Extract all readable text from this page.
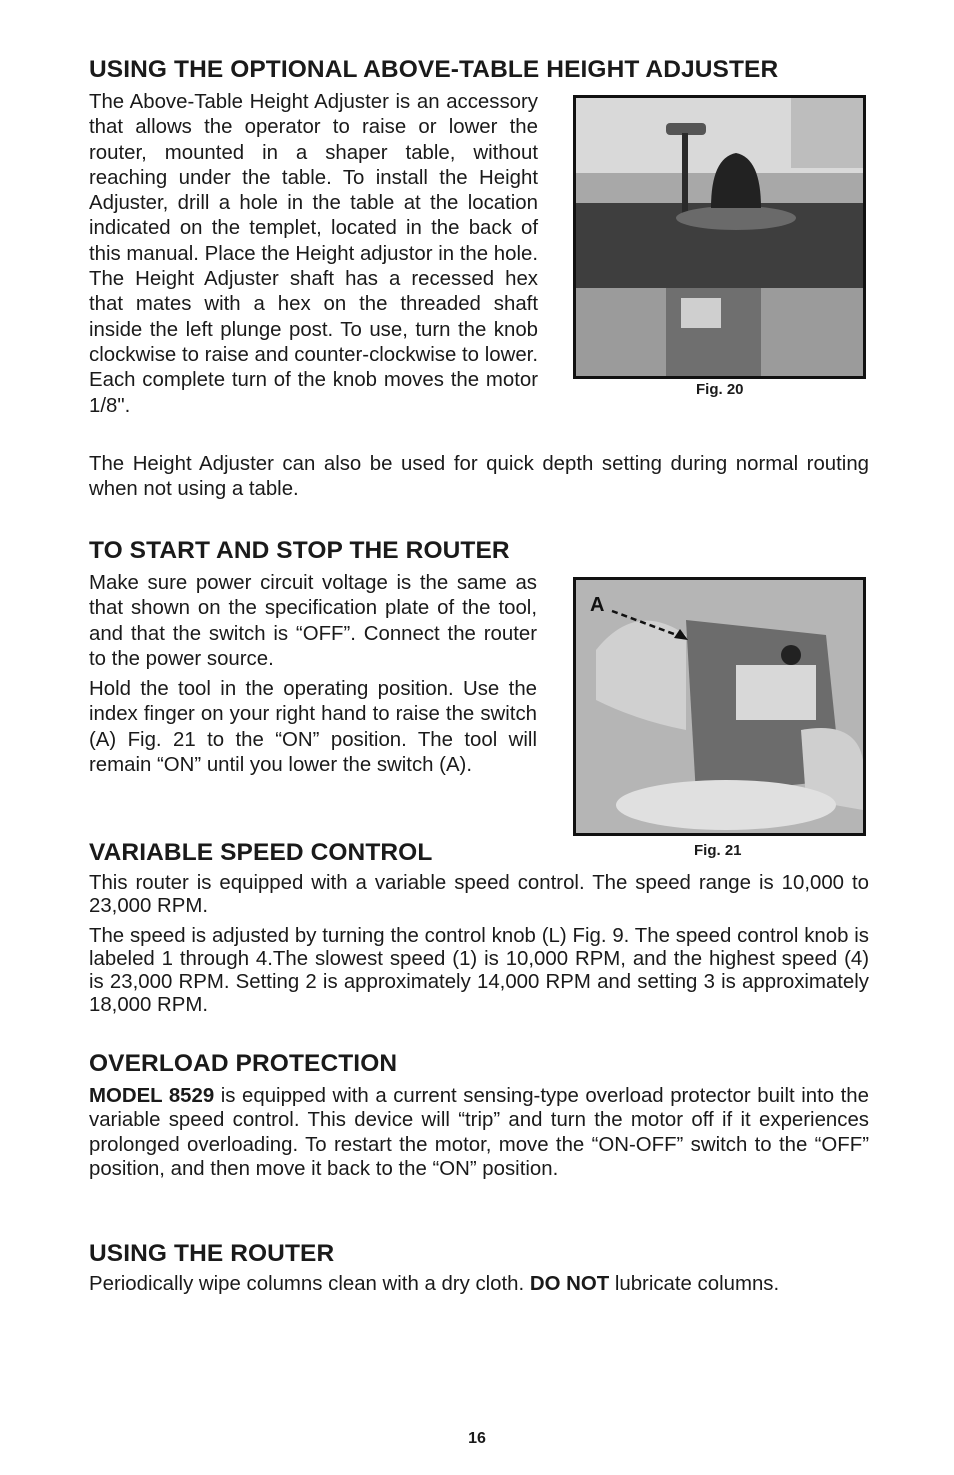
USING THE OPTIONAL ABOVE-TABLE HEIGHT ADJUSTER

The Above-Table Height Adjuster is an accessory that allows the operator to raise or lower the router, mounted in a shaper table, without reaching under the table. To install the Height Adjuster, drill a hole in the table at the location indicated on the templet, located in the back of this manual. Place the Height adjustor in the hole. The Height Adjuster shaft has a recessed hex that mates with a hex on the threaded shaft inside the left plunge post. To use, turn the knob clockwise to raise and counter-clockwise to lower. Each complete turn of the knob moves the motor 1/8".

Fig. 20

The Height Adjuster can also be used for quick depth setting during normal routing when not using a table.

TO START AND STOP THE ROUTER

Make sure power circuit voltage is the same as that shown on the specification plate of the tool, and that the switch is “OFF”. Connect the router to the power source.

Hold the tool in the operating position. Use the index finger on your right hand to raise the switch (A) Fig. 21 to the “ON” position. The tool will remain “ON” until you lower the switch (A).

A
Fig. 21
VARIABLE SPEED CONTROL

This router is equipped with a variable speed control. The speed range is 10,000 to 23,000 RPM.

The speed is adjusted by turning the control knob (L) Fig. 9. The speed control knob is labeled 1 through 4.The slowest speed (1) is 10,000 RPM, and the highest speed (4) is 23,000 RPM. Setting 2 is approximately 14,000 RPM and setting 3 is approximately 18,000 RPM.

OVERLOAD PROTECTION

MODEL 8529 is equipped with a current sensing-type overload protector built into the variable speed control. This device will “trip” and turn the motor off if it experiences prolonged overloading. To restart the motor, move the “ON-OFF” switch to the “OFF” position, and then move it back to the “ON” position.

USING THE ROUTER

Periodically wipe columns clean with a dry cloth. DO NOT lubricate columns.

16
